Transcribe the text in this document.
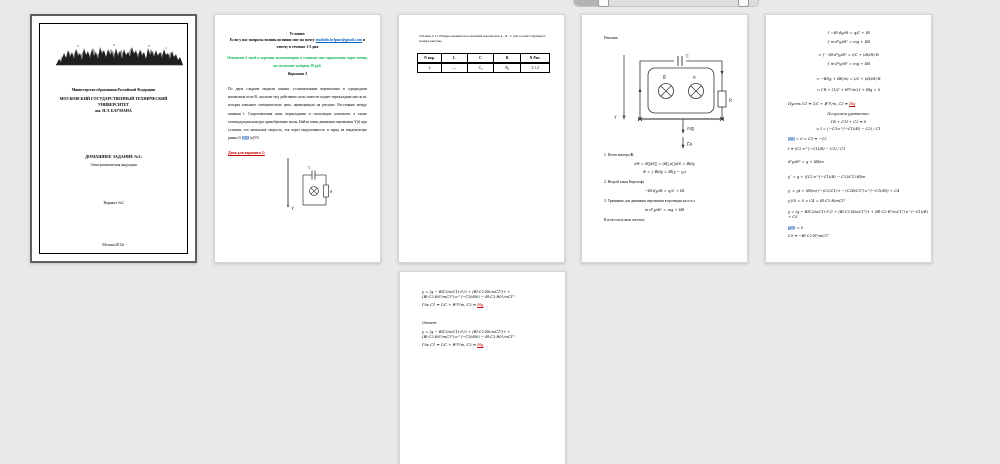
Министерство образования Российской Федерации
МОСКОВСКИЙ ГОСУДАРСТВЕННЫЙ ТЕХНИЧЕСКИЙ УНИВЕРСИТЕТ
им. Н.Э. БАУМАНА
ДОМАШНЕЕ ЗАДАНИЕ №3:
Электромагнитная индукция
Вариант №2
Москва,2012г
Условие:
Если у вас вопросы возникли пиши мне на почту studinfo.helpme@gmail.com и
отвечу в течение 1-2 дня
Оставьте 5 звезд и хорошие комментарии и скиньте мне скриншоты через почту, вы получите подарок 20 руб.
Вариант 2
По двум гладким медным шинам, установленным вертикально в однородном магнитном поле В, скользит под действием силы тяжести падает перекладина массы m, которая замыкает электрическую цепь, приведенную на рисунке. Расстояние между шинами l. Сопротивления шин, перекладины и скользящих контактов, а также самоиндукция контура пренебрежимо малы. Найти закон движения перемычки Y(t) при условии, что начальная скорость, ток через индуктивность и заряд на конденсаторе равны 0. ЕДЗ (а)У0.
Дано для варианта 2:
у
С
R
Таблица 3.1.1 Номера вариантов и значения параметров L , R , С для соответствующего номера рисунка
N вар.	L	C	R	N Рис.
2	—	C₀	R₀	3.1.2
Решение:
Y
C
R
B⃗	n⃗
mg⃗
F⃗A
1. Поток вектора B⃗:
dΦ = B⃗dS⃗ = (B⃗,n⃗)dS = Bldy
Φ = ∫ Bldy = Bl(y − y₀)
2. Второй закон Кирхгофа
−Bl·dy/dt = q/C + IR
3. Уравнение для движения перемычки в проекции на ось y
m·d²y/dt² = mg + IBl
В итоге получаем систему:
{ −Bl·dy/dt = q/C + IR
{ m·d²y/dt² = mg + IBl
⇒ { −Bl·d²y/dt² = I/C + (dI/dt)·R
{ m·d²y/dt² = mg + IBl
⇒ −Bl(g + IBl/m) = I/C + (dI/dt)·R
⇒ I′R + (1/C + B²l²/m)·I + Blg = 0
Пусть C1 ≡ 1/C + B²l²/m, C2 ≡ Blg
Получаем уравнение:
I′R + C1I + C2 ≡ 0
⇒ I = (−C3·e^(−C1t/R) − C2) / C1
I(0) = 0 ⇒ C3 ≡ −C2
I ≡ (C2·e^(−C1t/R) − C2) / C1
d²y/dt² = g + IBl/m
y″ = g + ((C2·e^(−C1t/R) − C2)/C1)·Bl/m
y′ = gt + (Bl/m)·(−(C2/C1)·t − (C2R/C1²)·e^(−C1t/R)) + C4
y′(0) = 0 ⇒ C4 = Bl·C2·R/mC1²
y = (g − BlC2/mC1)·t²/2 + (Bl·C2·R/mC1²)·t + (Bl·C2·R²/mC1³)·e^(−C1t/R) + C5
y(0) = 0
C5 ≡ −Bl·C2·R²/mC1³
y = (g − BlC2/mC1)·t²/2 + (Bl·C2·R0/mC1²)·t + (Bl·C2·R0²/mC1³)·e^(−C1t/R0) − Bl·C2·R0²/mC1³
Где C1 ≡ 1/C + B²l²/m, C2 ≡ Blg
Ответ:
y = (g − BlC2/mC1)·t²/2 + (Bl·C2·R0/mC1²)·t + (Bl·C2·R0²/mC1³)·e^(−C1t/R0) − Bl·C2·R0²/mC1³
Где C1 ≡ 1/C + B²l²/m, C2 ≡ Blg
